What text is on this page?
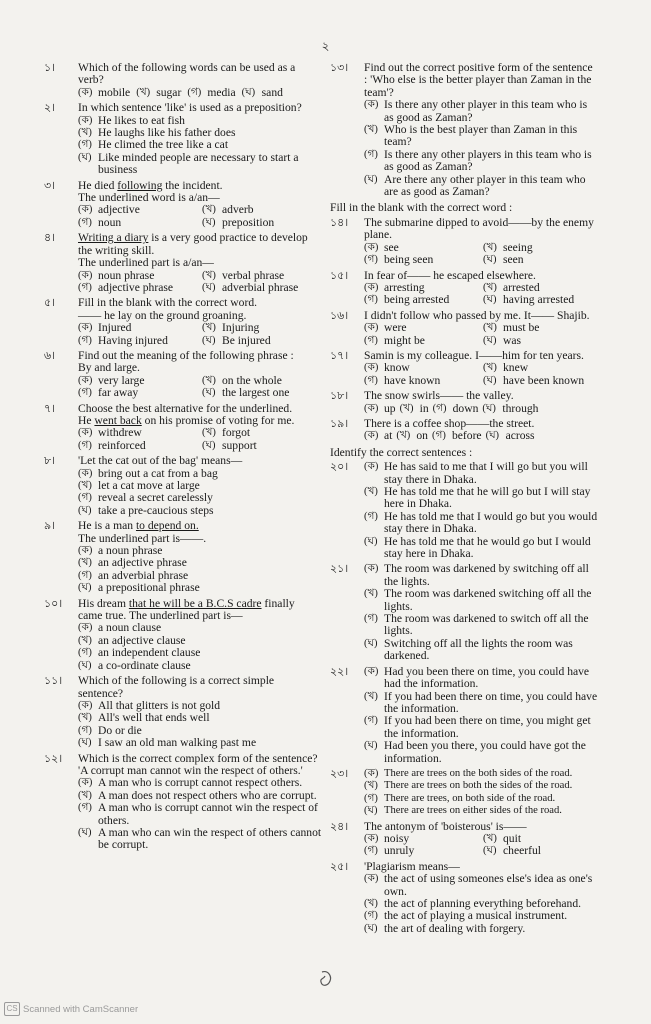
২
১।	Which of the following words can be used as a verb?
(ক) mobile (খ) sugar (গ) media (ঘ) sand
২।	In which sentence 'like' is used as a preposition?
(ক) He likes to eat fish
(খ) He laughs like his father does
(গ) He climed the tree like a cat
(ঘ) Like minded people are necessary to start a business
৩।	He died following the incident.
The underlined word is a/an—
(ক) adjective	(খ) adverb
(গ) noun	(ঘ) preposition
৪।	Writing a diary is a very good practice to develop the writing skill.
The underlined part is a/an—
(ক) noun phrase	(খ) verbal phrase
(গ) adjective phrase	(ঘ) adverbial phrase
৫।	Fill in the blank with the correct word.
—— he lay on the ground groaning.
(ক) Injured	(খ) Injuring
(গ) Having injured	(ঘ) Be injured
৬।	Find out the meaning of the following phrase :
By and large.
(ক) very large	(খ) on the whole
(গ) far away	(ঘ) the largest one
৭।	Choose the best alternative for the underlined.
He went back on his promise of voting for me.
(ক) withdrew	(খ) forgot
(গ) reinforced	(ঘ) support
৮।	'Let the cat out of the bag' means—
(ক) bring out a cat from a bag
(খ) let a cat move at large
(গ) reveal a secret carelessly
(ঘ) take a pre-caucious steps
৯।	He is a man to depend on.
The underlined part is——.
(ক) a noun phrase
(খ) an adjective phrase
(গ) an adverbial phrase
(ঘ) a prepositional phrase
১০।	His dream that he will be a B.C.S cadre finally came true. The underlined part is—
(ক) a noun clause
(খ) an adjective clause
(গ) an independent clause
(ঘ) a co-ordinate clause
১১।	Which of the following is a correct simple sentence?
(ক) All that glitters is not gold
(খ) All's well that ends well
(গ) Do or die
(ঘ) I saw an old man walking past me
১২।	Which is the correct complex form of the sentence?
'A corrupt man cannot win the respect of others.'
(ক) A man who is corrupt cannot respect others.
(খ) A man does not respect others who are corrupt.
(গ) A man who is corrupt cannot win the respect of others.
(ঘ) A man who can win the respect of others cannot be corrupt.
১৩।	Find out the correct positive form of the sentence : 'Who else is the better player than Zaman in the team'?
(ক) Is there any other player in this team who is as good as Zaman?
(খ) Who is the best player than Zaman in this team?
(গ) Is there any other players in this team who is as good as Zaman?
(ঘ) Are there any other player in this team who are as good as Zaman?
Fill in the blank with the correct word :
১৪।	The submarine dipped to avoid——by the enemy plane.
(ক) see	(খ) seeing
(গ) being seen	(ঘ) seen
১৫।	In fear of—— he escaped elsewhere.
(ক) arresting	(খ) arrested
(গ) being arrested	(ঘ) having arrested
১৬।	I didn't follow who passed by me. It—— Shajib.
(ক) were	(খ) must be
(গ) might be	(ঘ) was
১৭।	Samin is my colleague. I——him for ten years.
(ক) know	(খ) knew
(গ) have known	(ঘ) have been known
১৮।	The snow swirls—— the valley.
(ক) up (খ) in (গ) down (ঘ) through
১৯।	There is a coffee shop——the street.
(ক) at (খ) on (গ) before (ঘ) across
Identify the correct sentences :
২০।	(ক) He has said to me that I will go but you will stay there in Dhaka.
(খ) He has told me that he will go but I will stay here in Dhaka.
(গ) He has told me that I would go but you would stay there in Dhaka.
(ঘ) He has told me that he would go but I would stay here in Dhaka.
২১।	(ক) The room was darkened by switching off all the lights.
(খ) The room was darkened switching off all the lights.
(গ) The room was darkened to switch off all the lights.
(ঘ) Switching off all the lights the room was darkened.
২২।	(ক) Had you been there on time, you could have had the information.
(খ) If you had been there on time, you could have the information.
(গ) If you had been there on time, you might get the information.
(ঘ) Had been you there, you could have got the information.
২৩।	(ক) There are trees on the both sides of the road.
(খ) There are trees on both the sides of the road.
(গ) There are trees, on both side of the road.
(ঘ) There are trees on either sides of the road.
২৪।	The antonym of 'boisterous' is——
(ক) noisy	(খ) quit
(গ) unruly	(ঘ) cheerful
২৫।	'Plagiarism means—
(ক) the act of using someones else's idea as one's own.
(খ) the act of planning everything beforehand.
(গ) the act of playing a musical instrument.
(ঘ) the art of dealing with forgery.
CS Scanned with CamScanner
